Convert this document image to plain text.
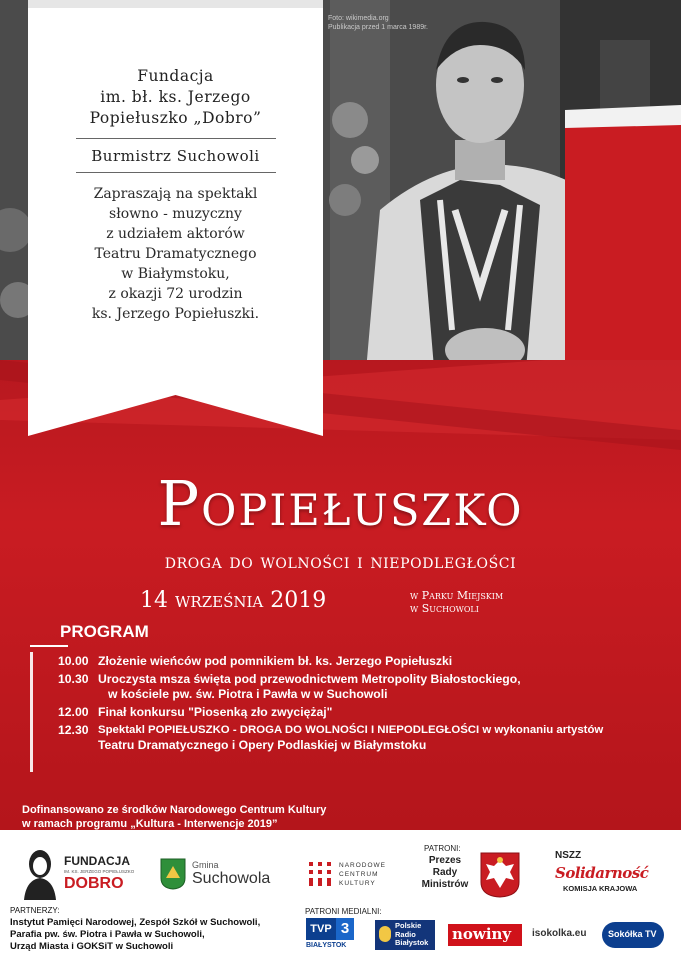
Foto: wikimedia.org
Publikacja przed 1 marca 1989r.
Fundacja
im. bł. ks. Jerzego
Popiełuszko „Dobro”
Burmistrz Suchowoli
Zapraszają na spektakl
słowno - muzyczny
z udziałem aktorów
Teatru Dramatycznego
w Białymstoku,
z okazji 72 urodzin
ks. Jerzego Popiełuszki.
Popiełuszko
droga do wolności i niepodległości
14 września 2019	w Parku Miejskim
w Suchowoli
PROGRAM
10.00 Złożenie wieńców pod pomnikiem bł. ks. Jerzego Popiełuszki
10.30 Uroczysta msza święta pod przewodnictwem Metropolity Białostockiego,
w kościele pw. św. Piotra i Pawła w w Suchowoli
12.00 Finał konkursu "Piosenką zło zwyciężaj"
12.30 Spektakl POPIEŁUSZKO - DROGA DO WOLNOŚCI I NIEPODLEGŁOŚCI w wykonaniu artystów
Teatru Dramatycznego i Opery Podlaskiej w Białymstoku
Dofinansowano ze środków Narodowego Centrum Kultury
w ramach programu „Kultura - Interwencje 2019”
FUNDACJA
IM. KS. JERZEGO POPIEŁUSZKO
DOBRO
Gmina
Suchowola
NARODOWE
CENTRUM
KULTURY
PATRONI:
Prezes
Rady
Ministrów
NSZZ
Solidarność
KOMISJA KRAJOWA
PARTNERZY:
Instytut Pamięci Narodowej, Zespół Szkół w Suchowoli,
Parafia pw. św. Piotra i Pawła w Suchowoli,
Urząd Miasta i GOKSiT w Suchowoli
PATRONI MEDIALNI:
TVP 3
BIAŁYSTOK
Polskie
Radio
Białystok nowiny isokolka.eu Sokółka TV
